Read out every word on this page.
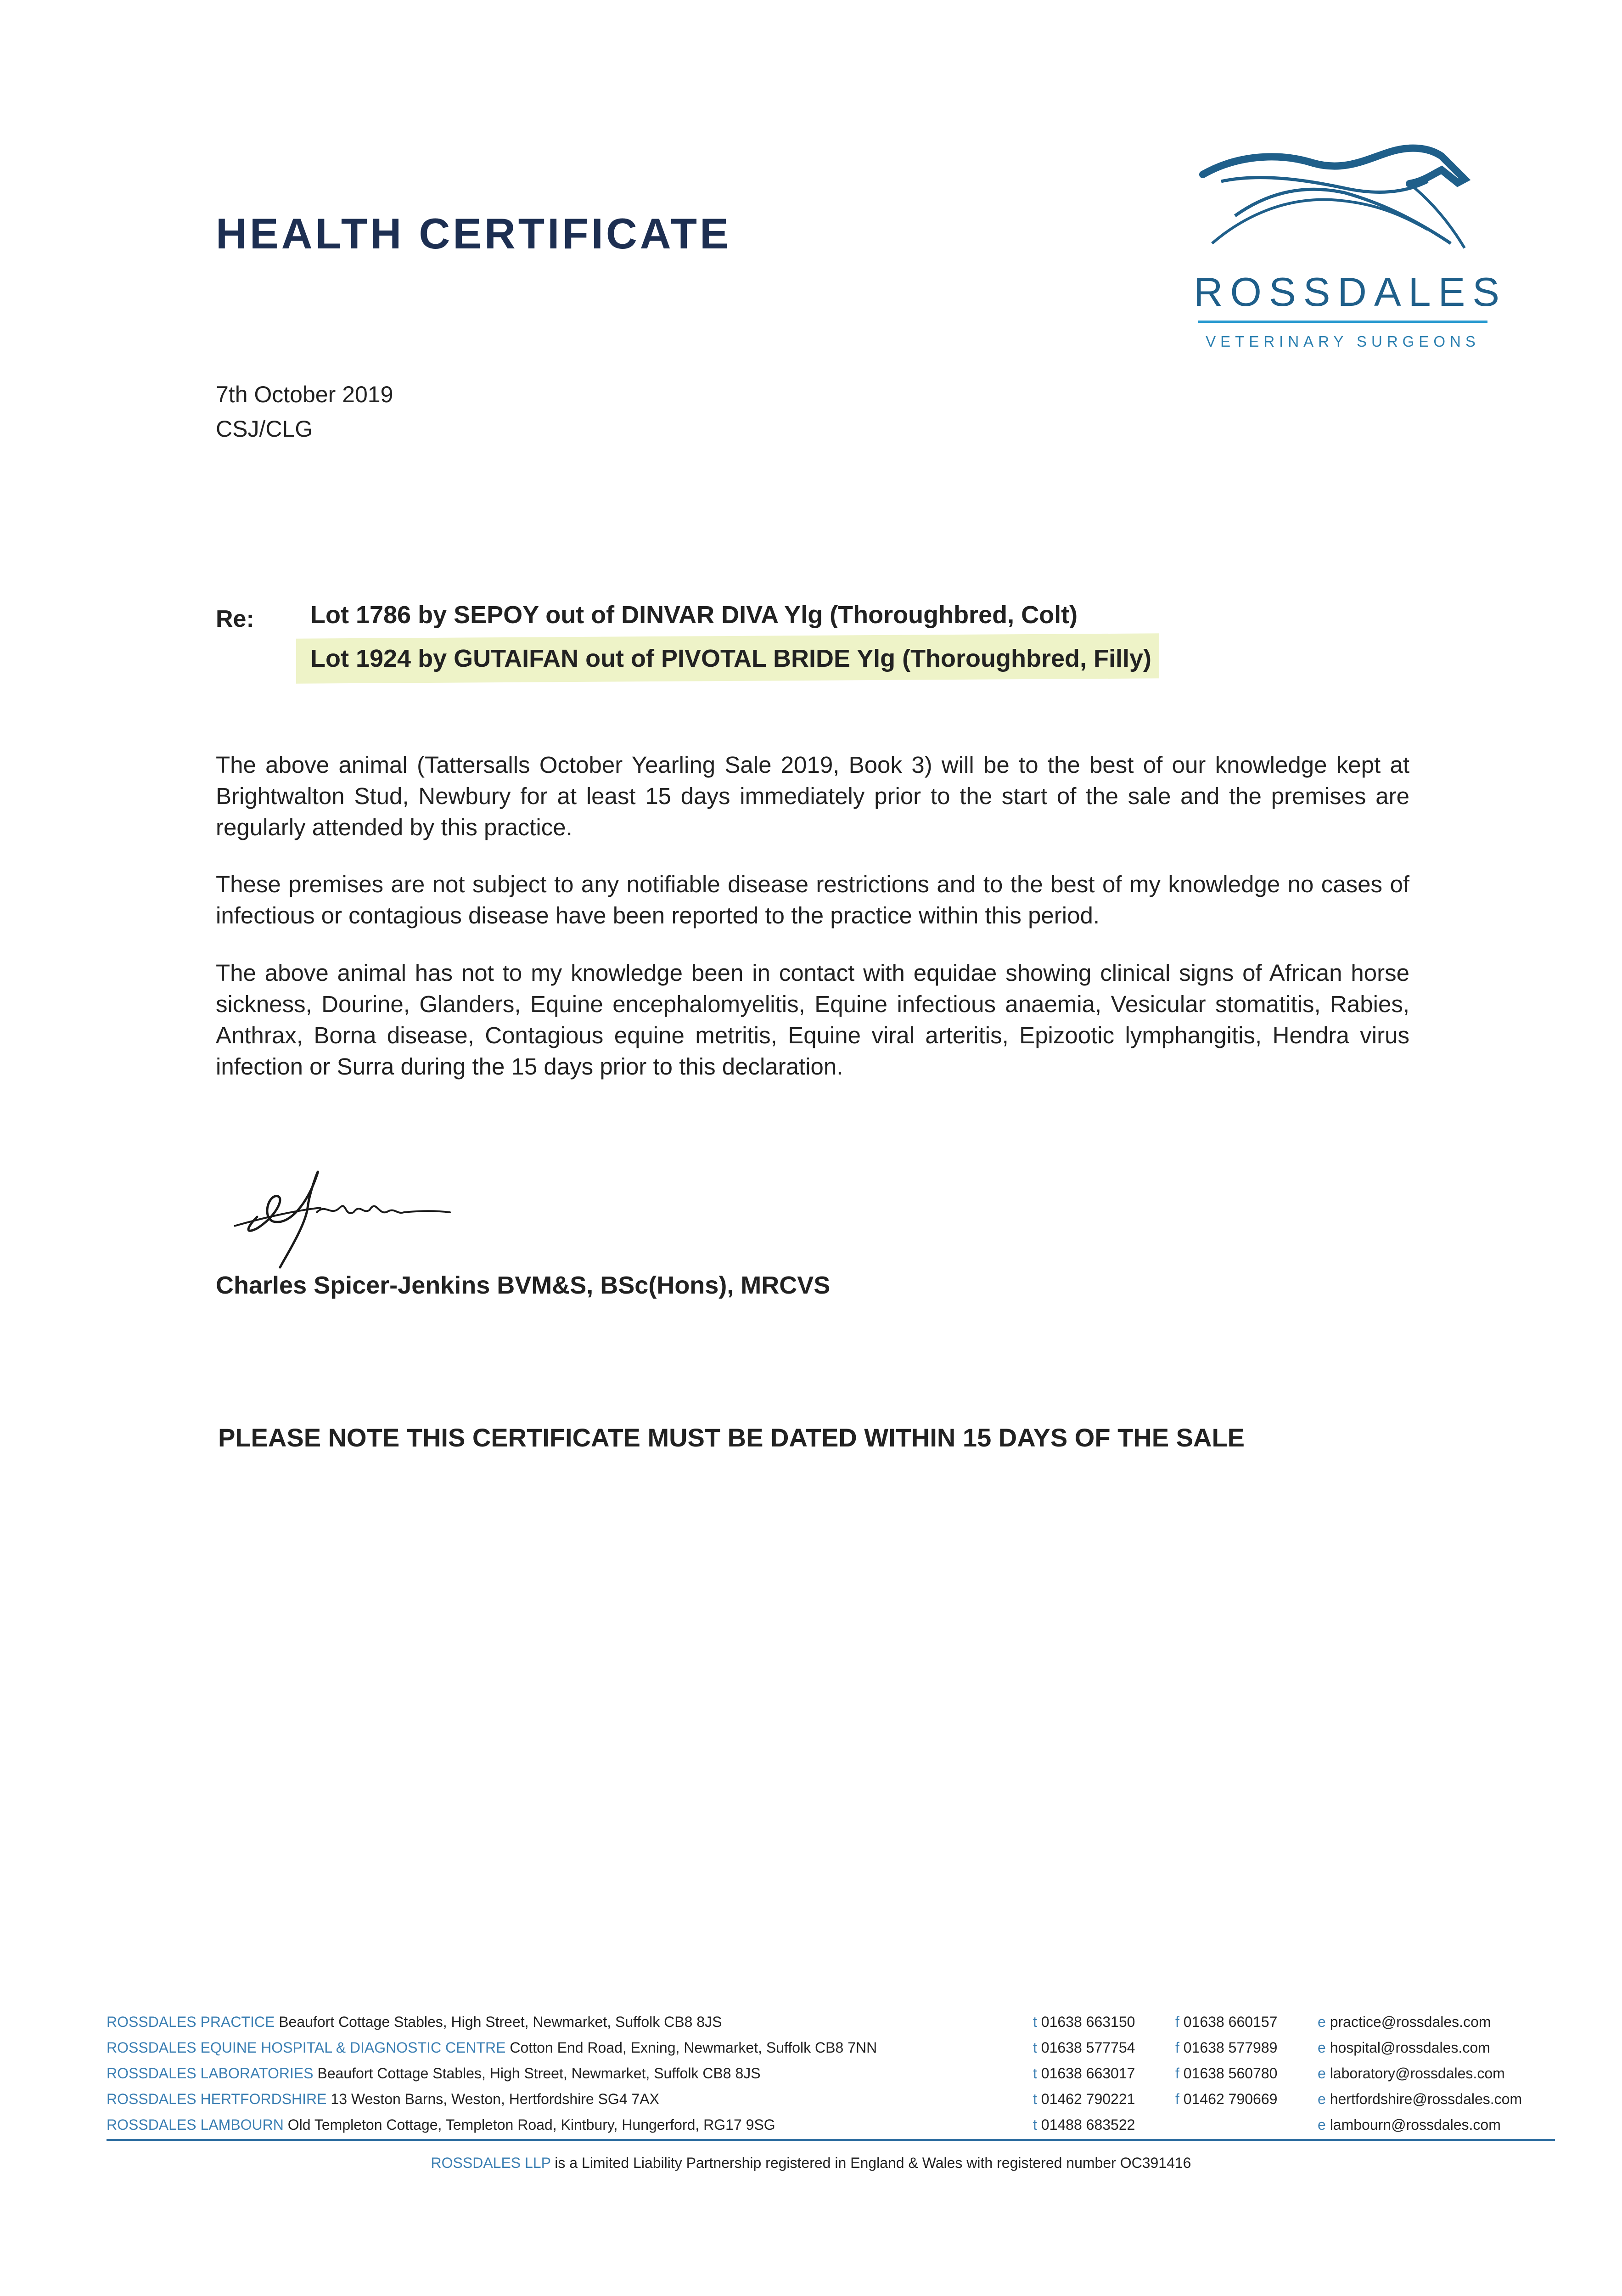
HEALTH CERTIFICATE
ROSSDALES
VETERINARY SURGEONS
7th October 2019
CSJ/CLG
Re: Lot 1786 by SEPOY out of DINVAR DIVA Ylg (Thoroughbred, Colt)
Lot 1924 by GUTAIFAN out of PIVOTAL BRIDE Ylg (Thoroughbred, Filly)
The above animal (Tattersalls October Yearling Sale 2019, Book 3) will be to the best of our knowledge kept at Brightwalton Stud, Newbury for at least 15 days immediately prior to the start of the sale and the premises are regularly attended by this practice.
These premises are not subject to any notifiable disease restrictions and to the best of my knowledge no cases of infectious or contagious disease have been reported to the practice within this period.
The above animal has not to my knowledge been in contact with equidae showing clinical signs of African horse sickness, Dourine, Glanders, Equine encephalomyelitis, Equine infectious anaemia, Vesicular stomatitis, Rabies, Anthrax, Borna disease, Contagious equine metritis, Equine viral arteritis, Epizootic lymphangitis, Hendra virus infection or Surra during the 15 days prior to this declaration.
Charles Spicer-Jenkins BVM&S, BSc(Hons), MRCVS
PLEASE NOTE THIS CERTIFICATE MUST BE DATED WITHIN 15 DAYS OF THE SALE
ROSSDALES PRACTICE Beaufort Cottage Stables, High Street, Newmarket, Suffolk CB8 8JS
ROSSDALES EQUINE HOSPITAL & DIAGNOSTIC CENTRE Cotton End Road, Exning, Newmarket, Suffolk CB8 7NN
ROSSDALES LABORATORIES Beaufort Cottage Stables, High Street, Newmarket, Suffolk CB8 8JS
ROSSDALES HERTFORDSHIRE 13 Weston Barns, Weston, Hertfordshire SG4 7AX
ROSSDALES LAMBOURN Old Templeton Cottage, Templeton Road, Kintbury, Hungerford, RG17 9SG
t 01638 663150
t 01638 577754
t 01638 663017
t 01462 790221
t 01488 683522
f 01638 660157
f 01638 577989
f 01638 560780
f 01462 790669
e practice@rossdales.com
e hospital@rossdales.com
e laboratory@rossdales.com
e hertfordshire@rossdales.com
e lambourn@rossdales.com
ROSSDALES LLP is a Limited Liability Partnership registered in England & Wales with registered number OC391416
